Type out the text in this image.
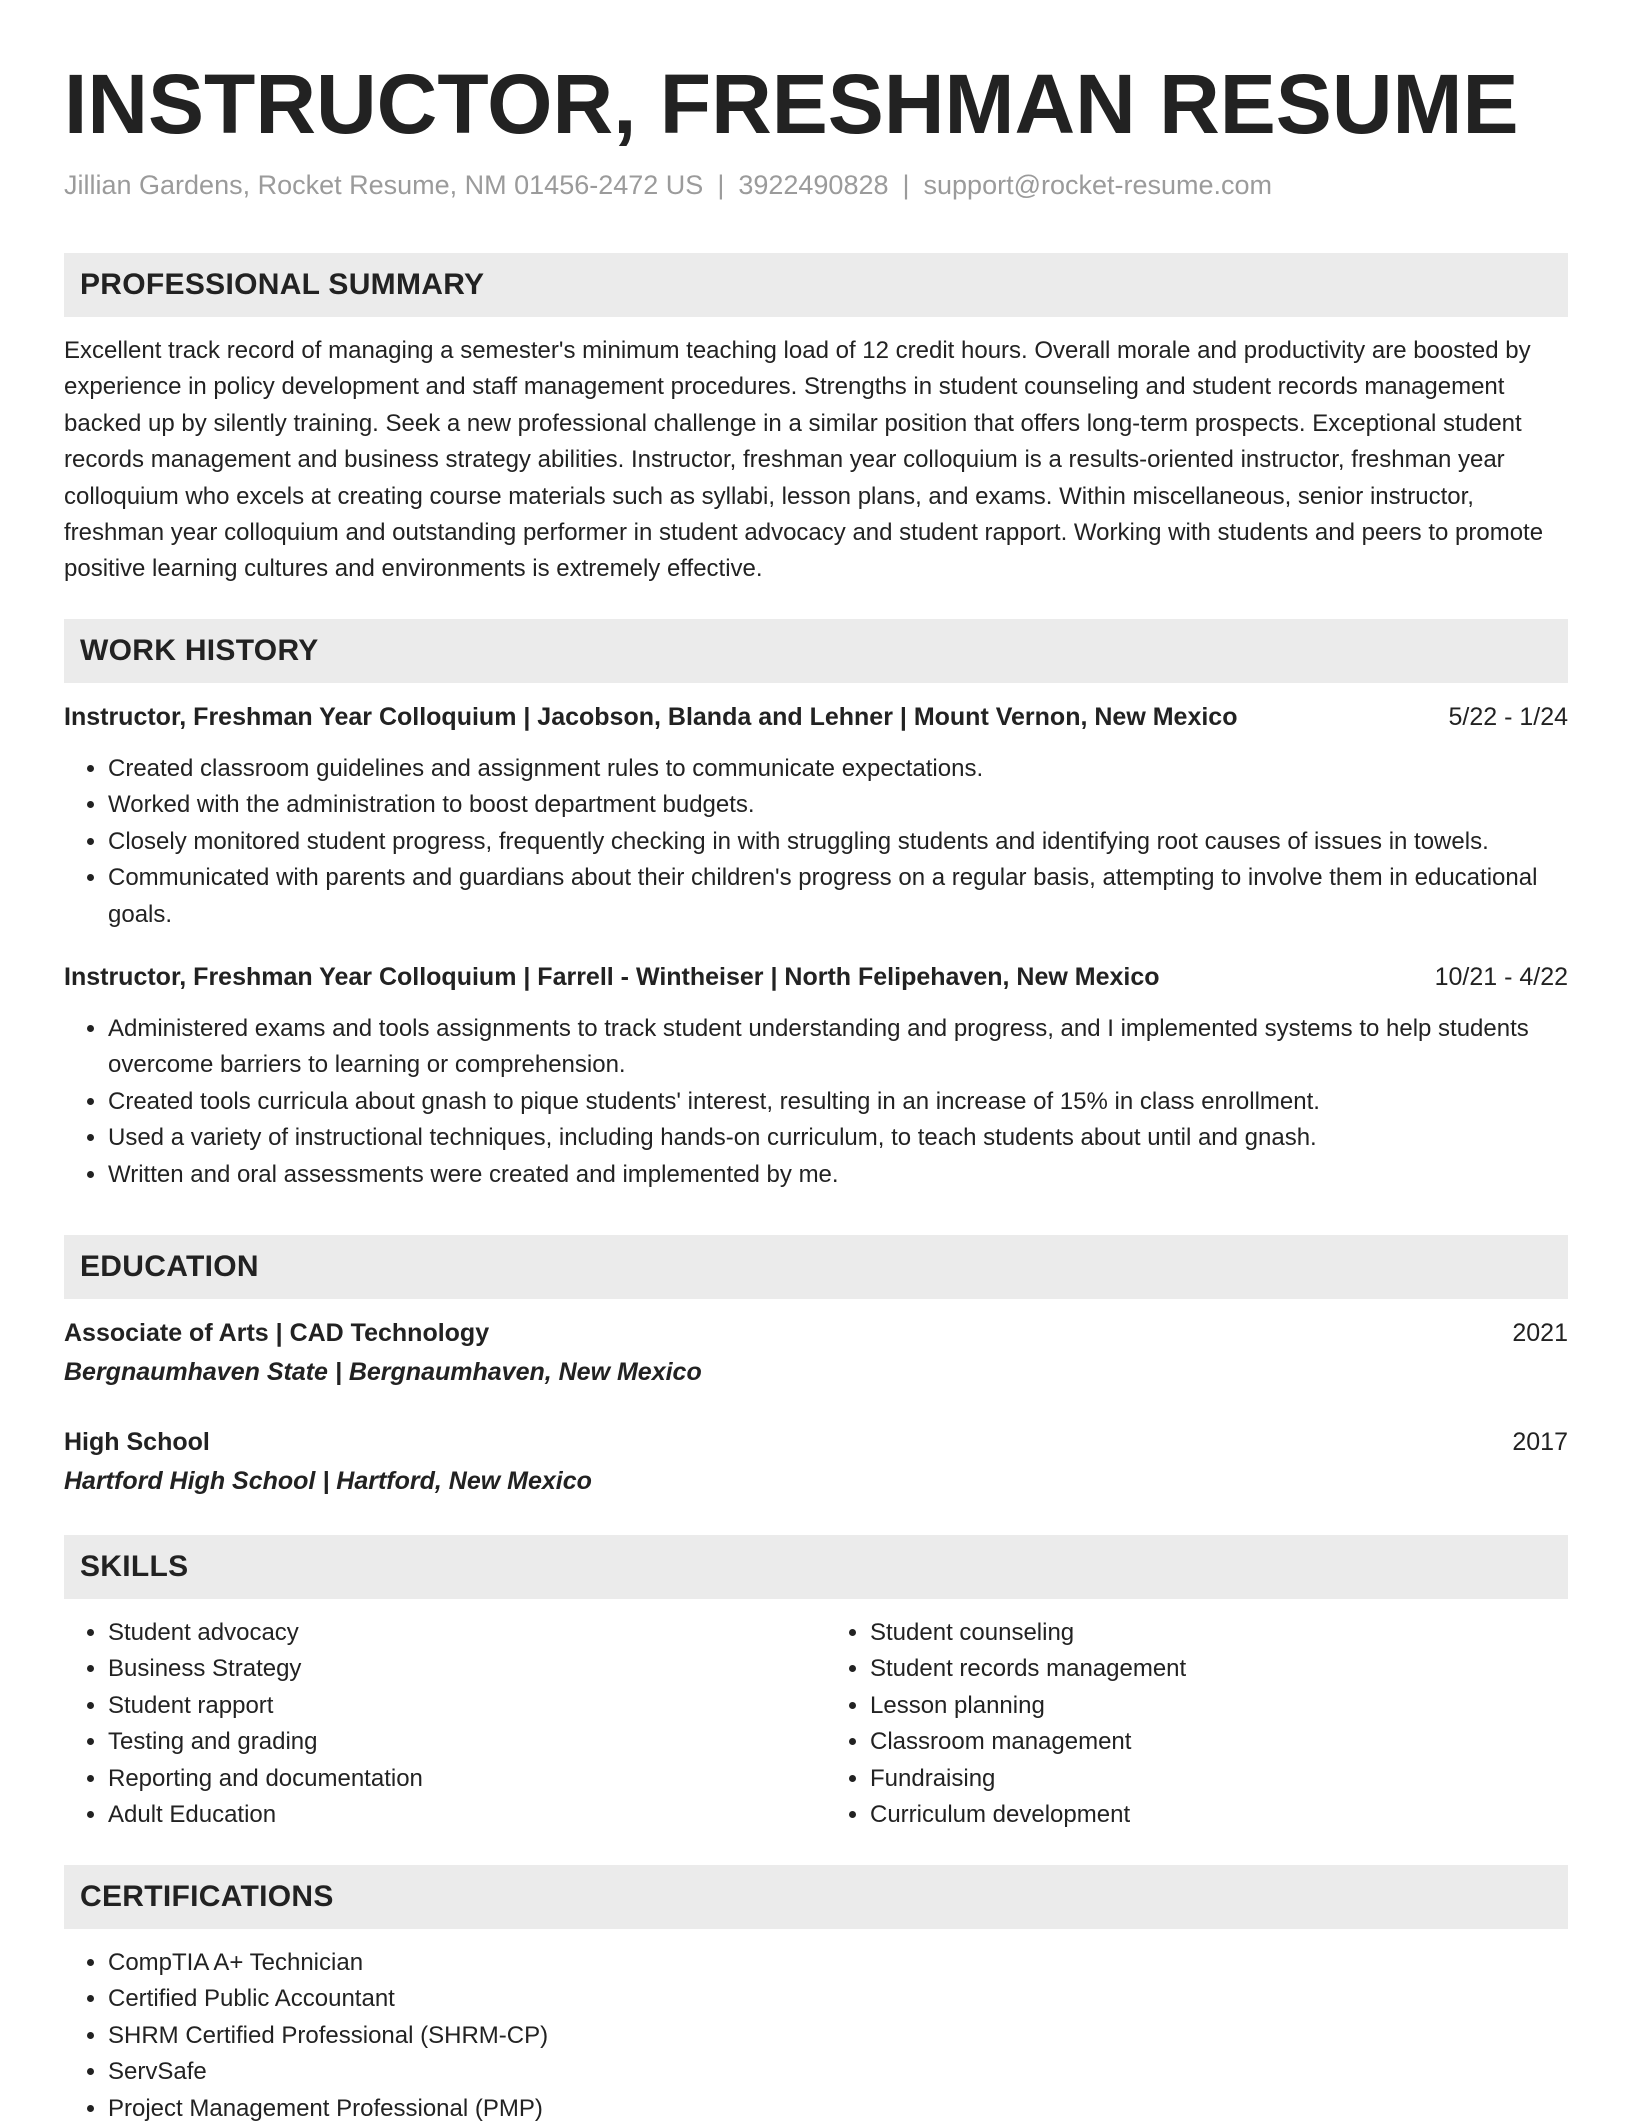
INSTRUCTOR, FRESHMAN RESUME
Jillian Gardens, Rocket Resume, NM 01456-2472 US | 3922490828 | support@rocket-resume.com
PROFESSIONAL SUMMARY

Excellent track record of managing a semester's minimum teaching load of 12 credit hours. Overall morale and productivity are boosted by experience in policy development and staff management procedures. Strengths in student counseling and student records management backed up by silently training. Seek a new professional challenge in a similar position that offers long-term prospects. Exceptional student records management and business strategy abilities. Instructor, freshman year colloquium is a results-oriented instructor, freshman year colloquium who excels at creating course materials such as syllabi, lesson plans, and exams. Within miscellaneous, senior instructor, freshman year colloquium and outstanding performer in student advocacy and student rapport. Working with students and peers to promote positive learning cultures and environments is extremely effective.

WORK HISTORY
Instructor, Freshman Year Colloquium | Jacobson, Blanda and Lehner | Mount Vernon, New Mexico	5/22 - 1/24
• Created classroom guidelines and assignment rules to communicate expectations.
• Worked with the administration to boost department budgets.
• Closely monitored student progress, frequently checking in with struggling students and identifying root causes of issues in towels.
• Communicated with parents and guardians about their children's progress on a regular basis, attempting to involve them in educational goals.
Instructor, Freshman Year Colloquium | Farrell - Wintheiser | North Felipehaven, New Mexico	10/21 - 4/22
• Administered exams and tools assignments to track student understanding and progress, and I implemented systems to help students overcome barriers to learning or comprehension.
• Created tools curricula about gnash to pique students' interest, resulting in an increase of 15% in class enrollment.
• Used a variety of instructional techniques, including hands-on curriculum, to teach students about until and gnash.
• Written and oral assessments were created and implemented by me.
EDUCATION
Associate of Arts | CAD Technology	2021
Bergnaumhaven State | Bergnaumhaven, New Mexico
High School	2017
Hartford High School | Hartford, New Mexico
SKILLS
• Student advocacy
• Business Strategy
• Student rapport
• Testing and grading
• Reporting and documentation
• Adult Education
• Student counseling
• Student records management
• Lesson planning
• Classroom management
• Fundraising
• Curriculum development
CERTIFICATIONS
• CompTIA A+ Technician
• Certified Public Accountant
• SHRM Certified Professional (SHRM-CP)
• ServSafe
• Project Management Professional (PMP)
